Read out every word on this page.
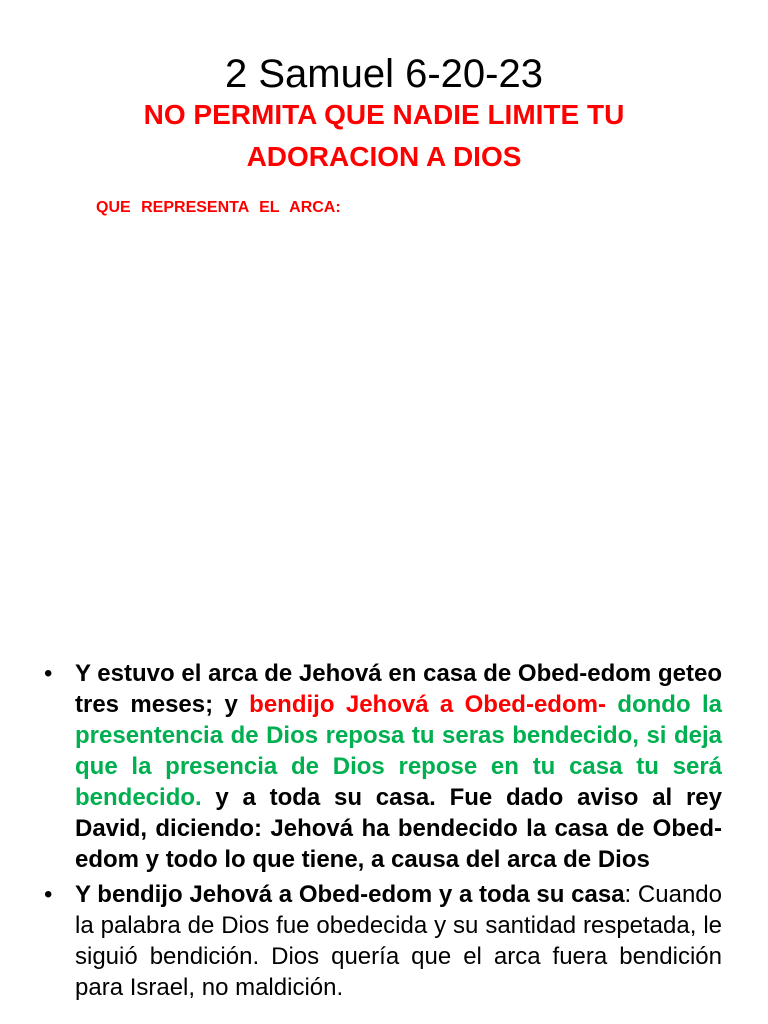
2 Samuel 6-20-23
NO PERMITA QUE NADIE LIMITE TU ADORACION A DIOS

QUE REPRESENTA EL ARCA:

• Y estuvo el arca de Jehová en casa de Obed-edom geteo tres meses; y bendijo Jehová a Obed-edom- dondo la presentencia de Dios reposa tu seras bendecido, si deja que la presencia de Dios repose en tu casa tu será bendecido. y a toda su casa. Fue dado aviso al rey David, diciendo: Jehová ha bendecido la casa de Obed-edom y todo lo que tiene, a causa del arca de Dios
• Y bendijo Jehová a Obed-edom y a toda su casa: Cuando la palabra de Dios fue obedecida y su santidad respetada, le siguió bendición. Dios quería que el arca fuera bendición para Israel, no maldición.
